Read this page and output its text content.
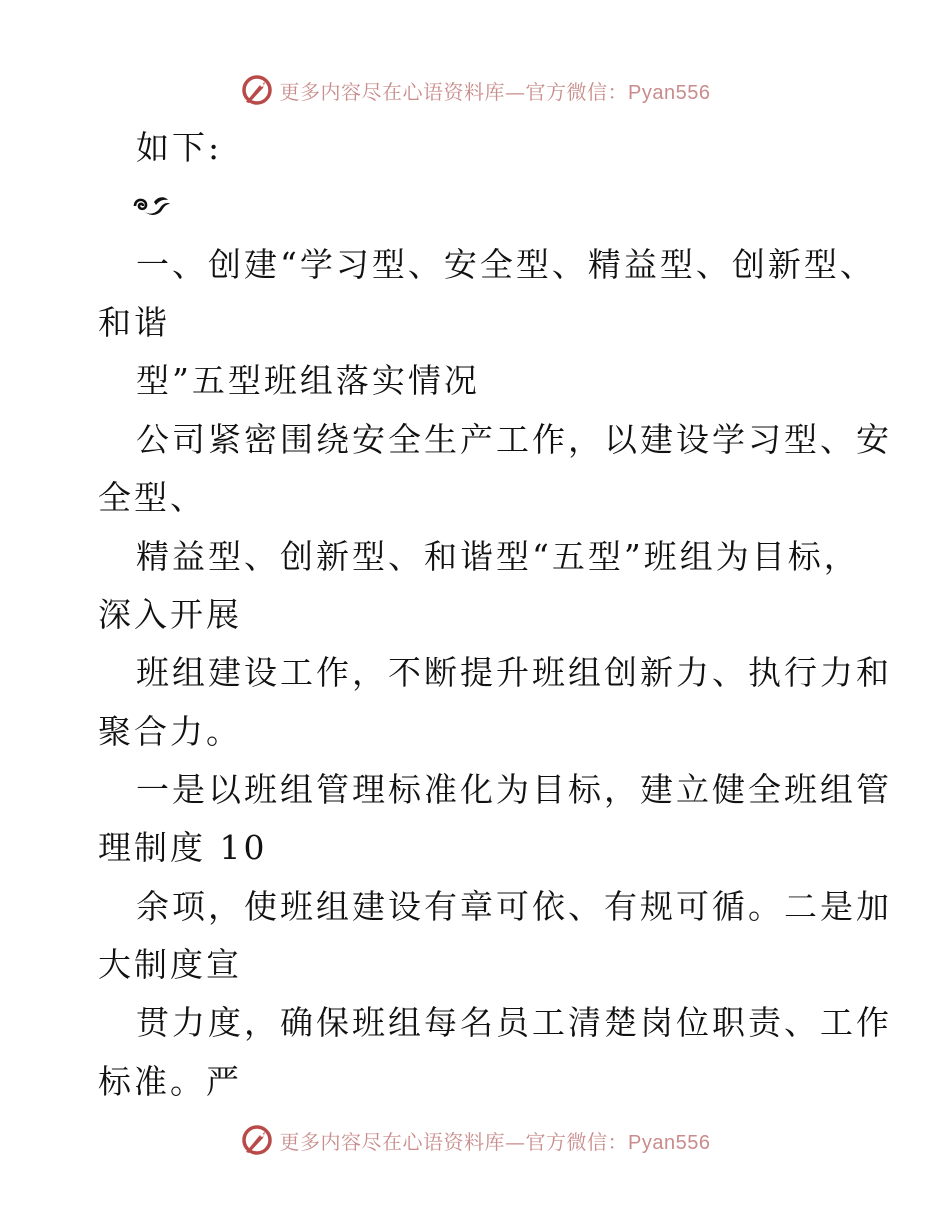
更多内容尽在心语资料库—官方微信：Pyan556
如下:
一、创建“学习型、安全型、精益型、创新型、
和谐
型”五型班组落实情况
公司紧密围绕安全生产工作，以建设学习型、安
全型、
精益型、创新型、和谐型“五型”班组为目标，
深入开展
班组建设工作，不断提升班组创新力、执行力和
聚合力。
一是以班组管理标准化为目标，建立健全班组管
理制度 10
余项，使班组建设有章可依、有规可循。二是加
大制度宣
贯力度，确保班组每名员工清楚岗位职责、工作
标准。严
更多内容尽在心语资料库—官方微信：Pyan556
